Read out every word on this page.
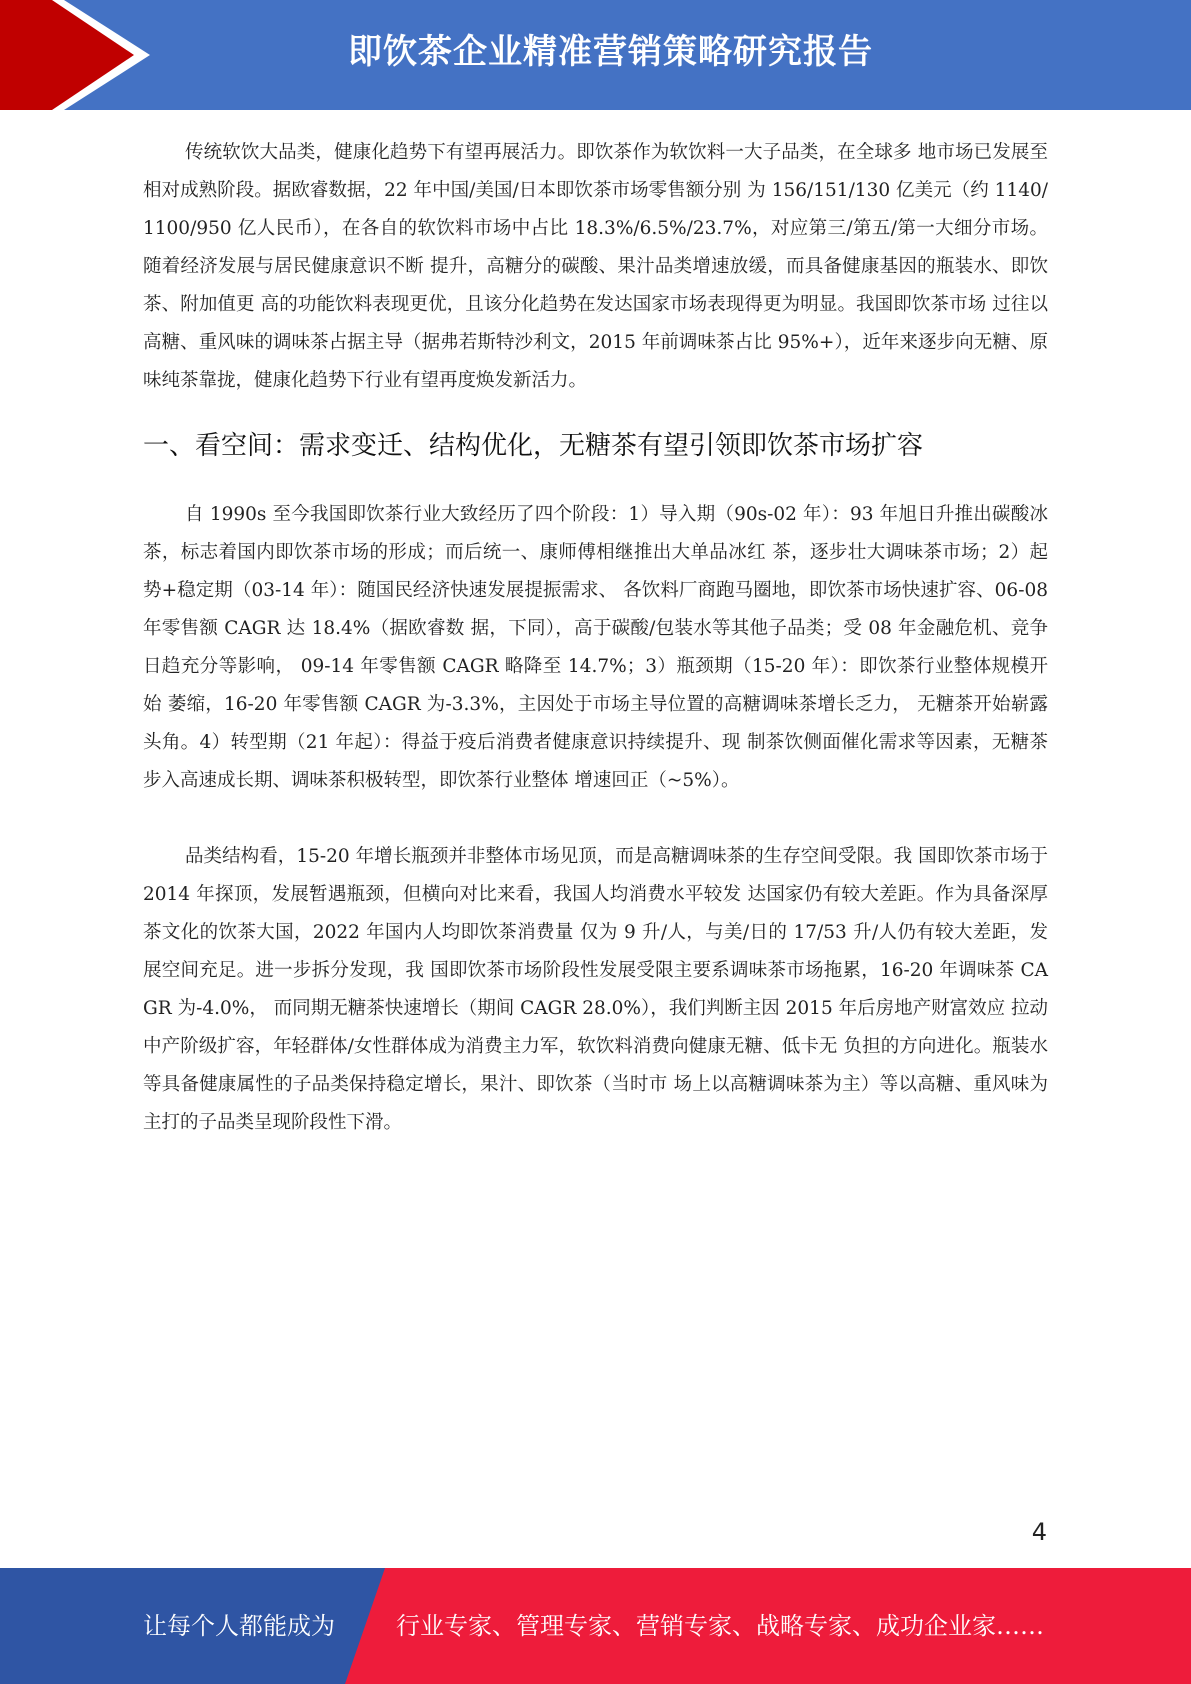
即饮茶企业精准营销策略研究报告

传统软饮大品类，健康化趋势下有望再展活力。即饮茶作为软饮料一大子品类，在全球多 地市场已发展至相对成熟阶段。据欧睿数据，22 年中国/美国/日本即饮茶市场零售额分别 为 156/151/130 亿美元（约 1140/1100/950 亿人民币），在各自的软饮料市场中占比 18.3%/6.5%/23.7%，对应第三/第五/第一大细分市场。随着经济发展与居民健康意识不断 提升，高糖分的碳酸、果汁品类增速放缓，而具备健康基因的瓶装水、即饮茶、附加值更 高的功能饮料表现更优，且该分化趋势在发达国家市场表现得更为明显。我国即饮茶市场 过往以高糖、重风味的调味茶占据主导（据弗若斯特沙利文，2015 年前调味茶占比 95%+），近年来逐步向无糖、原味纯茶靠拢，健康化趋势下行业有望再度焕发新活力。

一、看空间：需求变迁、结构优化，无糖茶有望引领即饮茶市场扩容

自 1990s 至今我国即饮茶行业大致经历了四个阶段：1）导入期（90s-02 年）：93 年旭日升推出碳酸冰茶，标志着国内即饮茶市场的形成；而后统一、康师傅相继推出大单品冰红 茶，逐步壮大调味茶市场；2）起势+稳定期（03-14 年）：随国民经济快速发展提振需求、 各饮料厂商跑马圈地，即饮茶市场快速扩容、06-08 年零售额 CAGR 达 18.4%（据欧睿数 据，下同），高于碳酸/包装水等其他子品类；受 08 年金融危机、竞争日趋充分等影响， 09-14 年零售额 CAGR 略降至 14.7%；3）瓶颈期（15-20 年）：即饮茶行业整体规模开始 萎缩，16-20 年零售额 CAGR 为-3.3%，主因处于市场主导位置的高糖调味茶增长乏力， 无糖茶开始崭露头角。4）转型期（21 年起）：得益于疫后消费者健康意识持续提升、现 制茶饮侧面催化需求等因素，无糖茶步入高速成长期、调味茶积极转型，即饮茶行业整体 增速回正（~5%）。

品类结构看，15-20 年增长瓶颈并非整体市场见顶，而是高糖调味茶的生存空间受限。我 国即饮茶市场于 2014 年探顶，发展暂遇瓶颈，但横向对比来看，我国人均消费水平较发 达国家仍有较大差距。作为具备深厚茶文化的饮茶大国，2022 年国内人均即饮茶消费量 仅为 9 升/人，与美/日的 17/53 升/人仍有较大差距，发展空间充足。进一步拆分发现，我 国即饮茶市场阶段性发展受限主要系调味茶市场拖累，16-20 年调味茶 CAGR 为-4.0%， 而同期无糖茶快速增长（期间 CAGR 28.0%），我们判断主因 2015 年后房地产财富效应 拉动中产阶级扩容，年轻群体/女性群体成为消费主力军，软饮料消费向健康无糖、低卡无 负担的方向进化。瓶装水等具备健康属性的子品类保持稳定增长，果汁、即饮茶（当时市 场上以高糖调味茶为主）等以高糖、重风味为主打的子品类呈现阶段性下滑。

4
让每个人都能成为	行业专家、管理专家、营销专家、战略专家、成功企业家……
